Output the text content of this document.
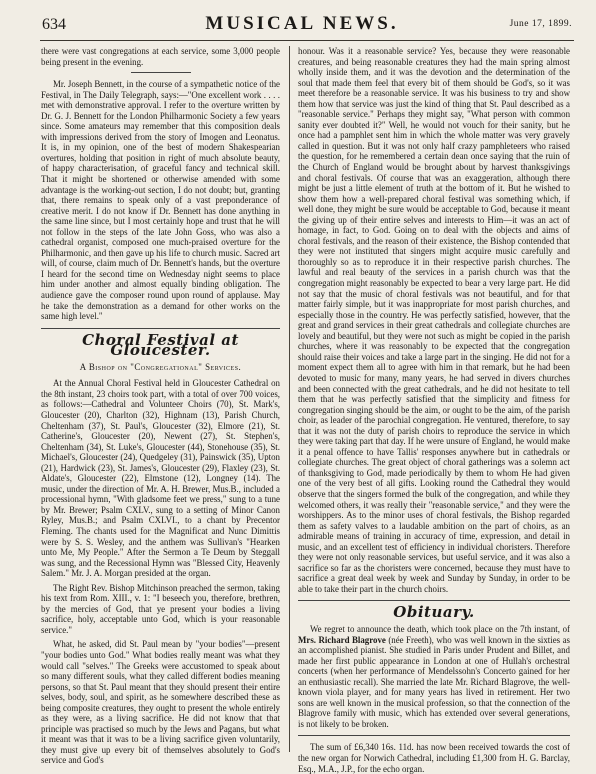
634	MUSICAL NEWS.	June 17, 1899.

there were vast congregations at each service, some 3,000 people being present in the evening.

Mr. Joseph Bennett, in the course of a sympathetic notice of the Festival, in The Daily Telegraph, says:—"One excellent work . . . . met with demonstrative approval. I refer to the overture written by Dr. G. J. Bennett for the London Philharmonic Society a few years since. Some amateurs may remember that this composition deals with impressions derived from the story of Imogen and Leonatus. It is, in my opinion, one of the best of modern Shakespearian overtures, holding that position in right of much absolute beauty, of happy characterisation, of graceful fancy and technical skill. That it might be shortened or otherwise amended with some advantage is the working-out section, I do not doubt; but, granting that, there remains to speak only of a vast preponderance of creative merit. I do not know if Dr. Bennett has done anything in the same line since, but I most certainly hope and trust that he will not follow in the steps of the late John Goss, who was also a cathedral organist, composed one much-praised overture for the Philharmonic, and then gave up his life to church music. Sacred art will, of course, claim much of Dr. Bennett's hands, but the overture I heard for the second time on Wednesday night seems to place him under another and almost equally binding obligation. The audience gave the composer round upon round of applause. May he take the demonstration as a demand for other works on the same high level."

Choral Festival at Gloucester.
A Bishop on "Congregational" Services.

At the Annual Choral Festival held in Gloucester Cathedral on the 8th instant, 23 choirs took part, with a total of over 700 voices, as follows:—Cathedral and Volunteer Choirs (70), St. Mark's, Gloucester (20), Charlton (32), Highnam (13), Parish Church, Cheltenham (37), St. Paul's, Gloucester (32), Elmore (21), St. Catherine's, Gloucester (20), Newent (27), St. Stephen's, Cheltenham (34), St. Luke's, Gloucester (44), Stonehouse (35), St. Michael's, Gloucester (24), Quedgeley (31), Painswick (35), Upton (21), Hardwick (23), St. James's, Gloucester (29), Flaxley (23), St. Aldate's, Gloucester (22), Elmstone (12), Longney (14). The music, under the direction of Mr. A. H. Brewer, Mus.B., included a processional hymn, "With gladsome feet we press," sung to a tune by Mr. Brewer; Psalm CXLV., sung to a setting of Minor Canon Ryley, Mus.B.; and Psalm CXLVI., to a chant by Precentor Fleming. The chants used for the Magnificat and Nunc Dimittis were by S. S. Wesley, and the anthem was Sullivan's "Hearken unto Me, My People." After the Sermon a Te Deum by Steggall was sung, and the Recessional Hymn was "Blessed City, Heavenly Salem." Mr. J. A. Morgan presided at the organ.

The Right Rev. Bishop Mitchinson preached the sermon, taking his text from Rom. XIII., v. 1: "I beseech you, therefore, brethren, by the mercies of God, that ye present your bodies a living sacrifice, holy, acceptable unto God, which is your reasonable service."

What, he asked, did St. Paul mean by "your bodies"—present "your bodies unto God." What bodies really meant was what they would call "selves." The Greeks were accustomed to speak about so many different souls, what they called different bodies meaning persons, so that St. Paul meant that they should present their entire selves, body, soul, and spirit, as he somewhere described these as being composite creatures, they ought to present the whole entirely as they were, as a living sacrifice. He did not know that that principle was practised so much by the Jews and Pagans, but what it meant was that it was to be a living sacrifice given voluntarily, they must give up every bit of themselves absolutely to God's service and God's

honour. Was it a reasonable service? Yes, because they were reasonable creatures, and being reasonable creatures they had the main spring almost wholly inside them, and it was the devotion and the determination of the soul that made them feel that every bit of them should be God's, so it was meet therefore be a reasonable service. It was his business to try and show them how that service was just the kind of thing that St. Paul described as a "reasonable service." Perhaps they might say, "What person with common sanity ever doubted it?" Well, he would not vouch for their sanity, but he once had a pamphlet sent him in which the whole matter was very gravely called in question. But it was not only half crazy pamphleteers who raised the question, for he remembered a certain dean once saying that the ruin of the Church of England would be brought about by harvest thanksgivings and choral festivals. Of course that was an exaggeration, although there might be just a little element of truth at the bottom of it. But he wished to show them how a well-prepared choral festival was something which, if well done, they might be sure would be acceptable to God, because it meant the giving up of their entire selves and interests to Him—it was an act of homage, in fact, to God. Going on to deal with the objects and aims of choral festivals, and the reason of their existence, the Bishop contended that they were not instituted that singers might acquire music carefully and thoroughly so as to reproduce it in their respective parish churches. The lawful and real beauty of the services in a parish church was that the congregation might reasonably be expected to bear a very large part. He did not say that the music of choral festivals was not beautiful, and for that matter fairly simple, but it was inappropriate for most parish churches, and especially those in the country. He was perfectly satisfied, however, that the great and grand services in their great cathedrals and collegiate churches are lovely and beautiful, but they were not such as might be copied in the parish churches, where it was reasonably to be expected that the congregation should raise their voices and take a large part in the singing. He did not for a moment expect them all to agree with him in that remark, but he had been devoted to music for many, many years, he had served in divers churches and been connected with the great cathedrals, and he did not hesitate to tell them that he was perfectly satisfied that the simplicity and fitness for congregation singing should be the aim, or ought to be the aim, of the parish choir, as leader of the parochial congregation. He ventured, therefore, to say that it was not the duty of parish choirs to reproduce the service in which they were taking part that day. If he were unsure of England, he would make it a penal offence to have Tallis' responses anywhere but in cathedrals or collegiate churches. The great object of choral gatherings was a solemn act of thanksgiving to God, made periodically by them to whom He had given one of the very best of all gifts. Looking round the Cathedral they would observe that the singers formed the bulk of the congregation, and while they welcomed others, it was really their "reasonable service," and they were the worshippers. As to the minor uses of choral festivals, the Bishop regarded them as safety valves to a laudable ambition on the part of choirs, as an admirable means of training in accuracy of time, expression, and detail in music, and an excellent test of efficiency in individual choristers. Therefore they were not only reasonable services, but useful service, and it was also a sacrifice so far as the choristers were concerned, because they must have to sacrifice a great deal week by week and Sunday by Sunday, in order to be able to take their part in the church choirs.

Obituary.

We regret to announce the death, which took place on the 7th instant, of Mrs. Richard Blagrove (née Freeth), who was well known in the sixties as an accomplished pianist. She studied in Paris under Prudent and Billet, and made her first public appearance in London at one of Hullah's orchestral concerts (when her performance of Mendelssohn's Concerto gained for her an enthusiastic recall). She married the late Mr. Richard Blagrove, the well-known viola player, and for many years has lived in retirement. Her two sons are well known in the musical profession, so that the connection of the Blagrove family with music, which has extended over several generations, is not likely to be broken.

The sum of £6,340 16s. 11d. has now been received towards the cost of the new organ for Norwich Cathedral, including £1,300 from H. G. Barclay, Esq., M.A., J.P., for the echo organ.
